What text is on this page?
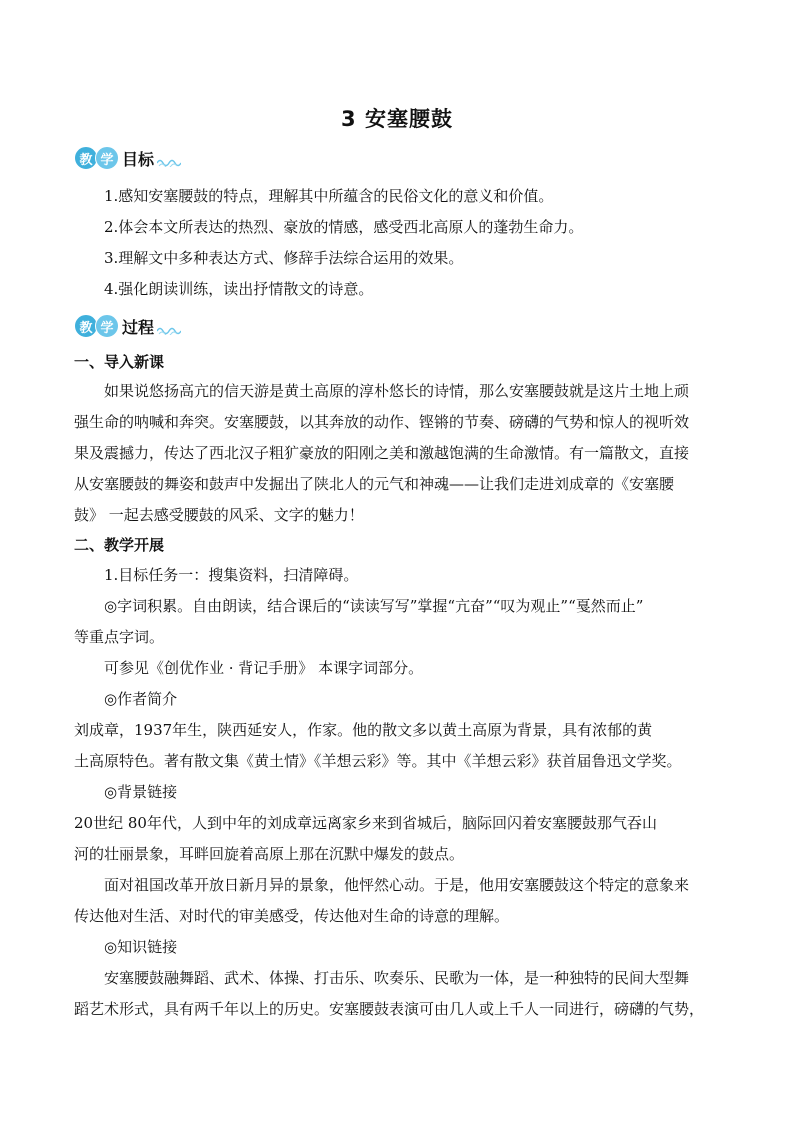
3 安塞腰鼓
教 学 目标
1.感知安塞腰鼓的特点，理解其中所蕴含的民俗文化的意义和价值。
2.体会本文所表达的热烈、豪放的情感，感受西北高原人的蓬勃生命力。
3.理解文中多种表达方式、修辞手法综合运用的效果。
4.强化朗读训练，读出抒情散文的诗意。
教 学 过程
一、导入新课
如果说悠扬高亢的信天游是黄土高原的淳朴悠长的诗情，那么安塞腰鼓就是这片土地上顽
强生命的呐喊和奔突。安塞腰鼓，以其奔放的动作、铿锵的节奏、磅礴的气势和惊人的视听效
果及震撼力，传达了西北汉子粗犷豪放的阳刚之美和激越饱满的生命激情。有一篇散文，直接
从安塞腰鼓的舞姿和鼓声中发掘出了陕北人的元气和神魂——让我们走进刘成章的《安塞腰
鼓》 一起去感受腰鼓的风采、文字的魅力！
二、教学开展
1.目标任务一：搜集资料，扫清障碍。
◎字词积累。自由朗读，结合课后的“读读写写”掌握“亢奋”“叹为观止”“戛然而止”
等重点字词。
可参见《创优作业 · 背记手册》 本课字词部分。
◎作者简介
刘成章，1937年生，陕西延安人，作家。他的散文多以黄土高原为背景，具有浓郁的黄
土高原特色。著有散文集《黄土情》《羊想云彩》等。其中《羊想云彩》获首届鲁迅文学奖。
◎背景链接
20世纪 80年代，人到中年的刘成章远离家乡来到省城后，脑际回闪着安塞腰鼓那气吞山
河的壮丽景象，耳畔回旋着高原上那在沉默中爆发的鼓点。
面对祖国改革开放日新月异的景象，他怦然心动。于是，他用安塞腰鼓这个特定的意象来
传达他对生活、对时代的审美感受，传达他对生命的诗意的理解。
◎知识链接
安塞腰鼓融舞蹈、武术、体操、打击乐、吹奏乐、民歌为一体，是一种独特的民间大型舞
蹈艺术形式，具有两千年以上的历史。安塞腰鼓表演可由几人或上千人一同进行，磅礴的气势，
